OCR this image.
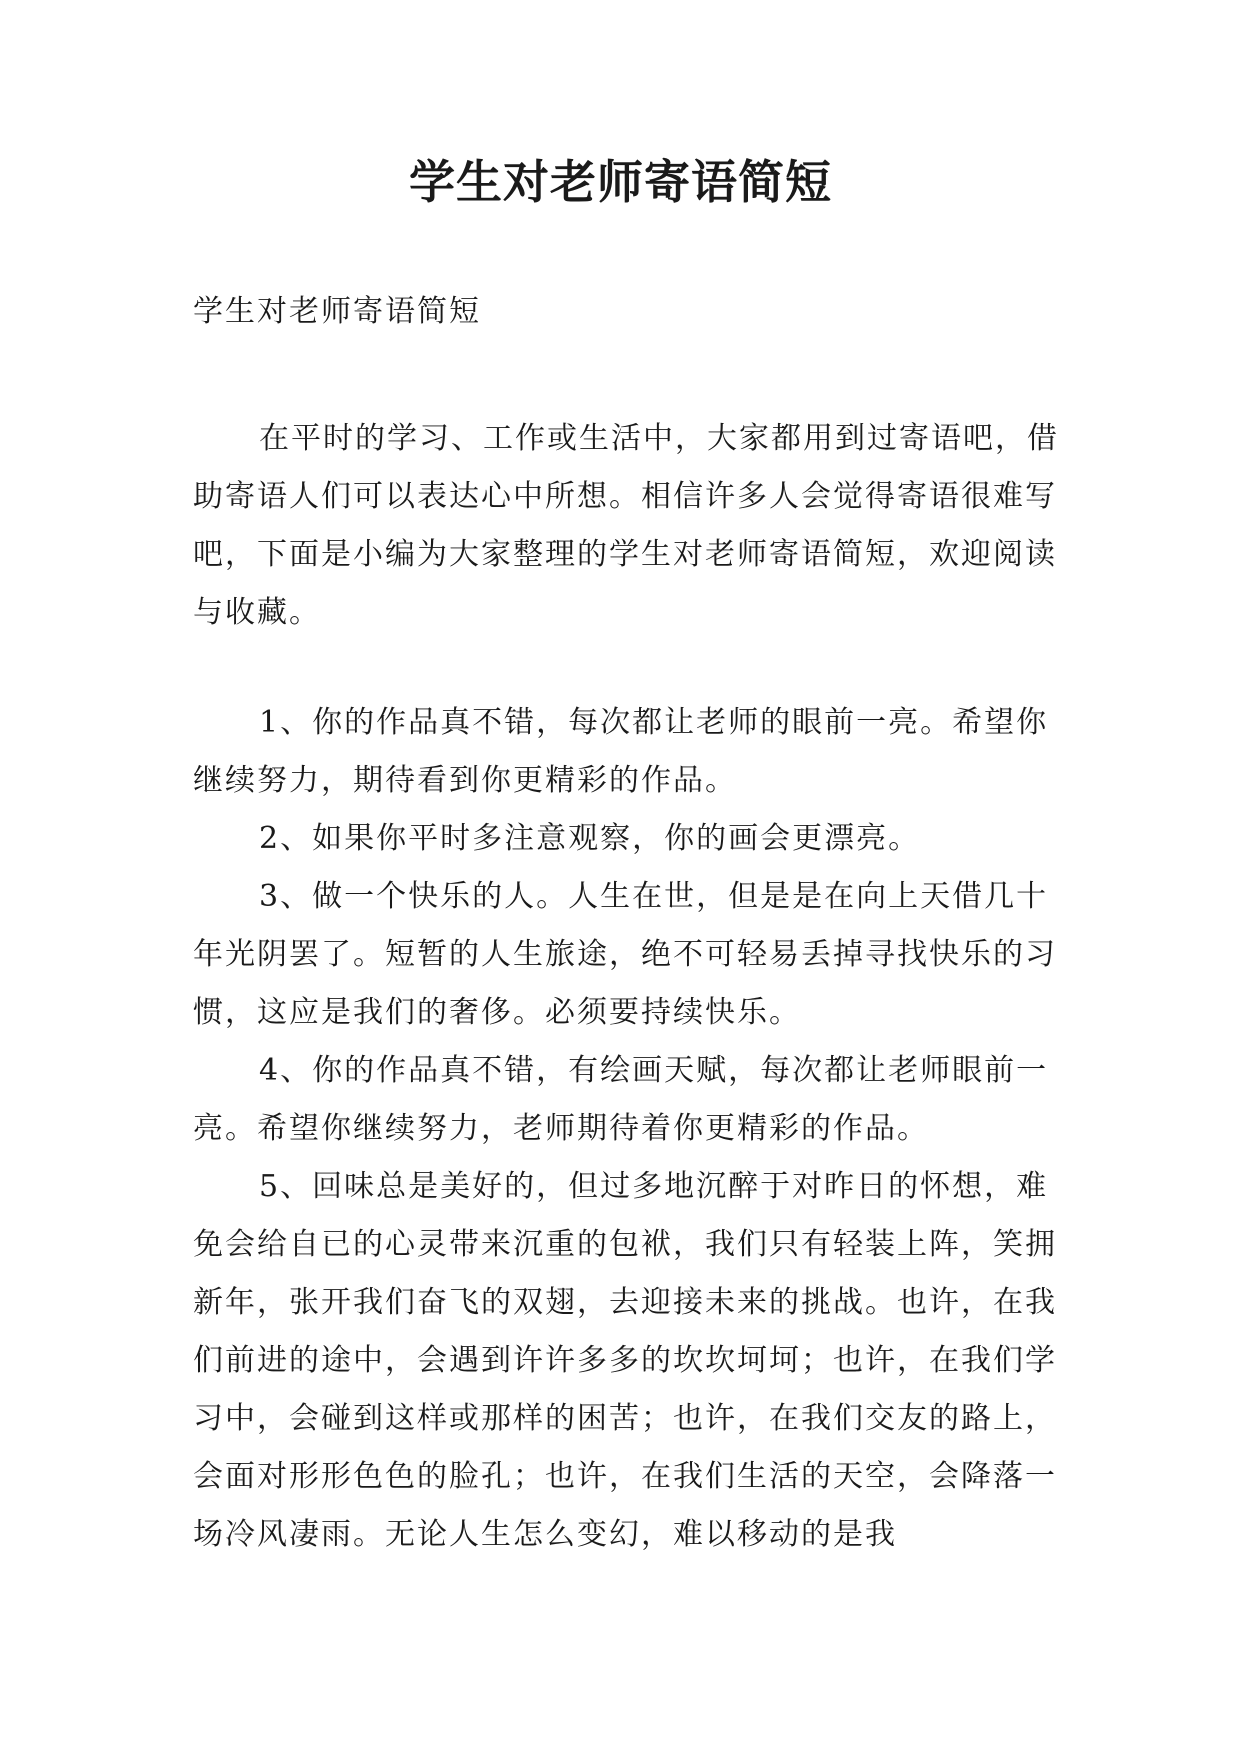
学生对老师寄语简短
学生对老师寄语简短

在平时的学习、工作或生活中，大家都用到过寄语吧，借助寄语人们可以表达心中所想。相信许多人会觉得寄语很难写吧，下面是小编为大家整理的学生对老师寄语简短，欢迎阅读与收藏。

1、你的作品真不错，每次都让老师的眼前一亮。希望你继续努力，期待看到你更精彩的作品。

2、如果你平时多注意观察，你的画会更漂亮。

3、做一个快乐的人。人生在世，但是是在向上天借几十年光阴罢了。短暂的人生旅途，绝不可轻易丢掉寻找快乐的习惯，这应是我们的奢侈。必须要持续快乐。

4、你的作品真不错，有绘画天赋，每次都让老师眼前一亮。希望你继续努力，老师期待着你更精彩的作品。

5、回味总是美好的，但过多地沉醉于对昨日的怀想，难免会给自已的心灵带来沉重的包袱，我们只有轻装上阵，笑拥新年，张开我们奋飞的双翅，去迎接未来的挑战。也许，在我们前进的途中，会遇到许许多多的坎坎坷坷；也许，在我们学习中，会碰到这样或那样的困苦；也许，在我们交友的路上，会面对形形色色的脸孔；也许，在我们生活的天空，会降落一场冷风凄雨。无论人生怎么变幻，难以移动的是我
